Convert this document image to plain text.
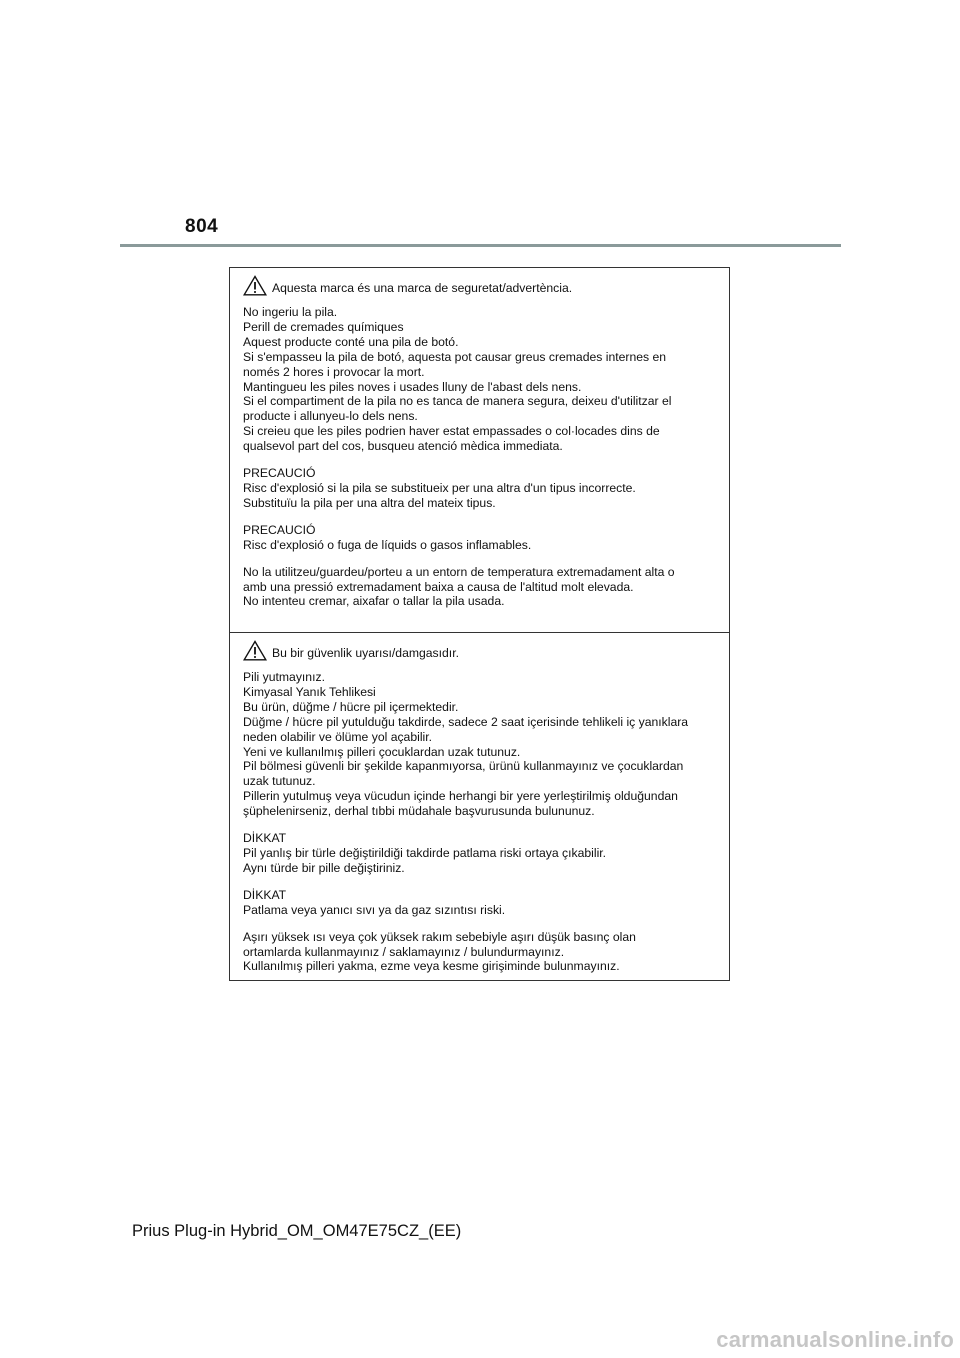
804
Aquesta marca és una marca de seguretat/advertència.
No ingeriu la pila.
Perill de cremades químiques
Aquest producte conté una pila de botó.
Si s'empasseu la pila de botó, aquesta pot causar greus cremades internes en
només 2 hores i provocar la mort.
Mantingueu les piles noves i usades lluny de l'abast dels nens.
Si el compartiment de la pila no es tanca de manera segura, deixeu d'utilitzar el
producte i allunyeu-lo dels nens.
Si creieu que les piles podrien haver estat empassades o col·locades dins de
qualsevol part del cos, busqueu atenció mèdica immediata.
PRECAUCIÓ
Risc d'explosió si la pila se substitueix per una altra d'un tipus incorrecte.
Substituïu la pila per una altra del mateix tipus.
PRECAUCIÓ
Risc d'explosió o fuga de líquids o gasos inflamables.
No la utilitzeu/guardeu/porteu a un entorn de temperatura extremadament alta o
amb una pressió extremadament baixa a causa de l'altitud molt elevada.
No intenteu cremar, aixafar o tallar la pila usada.
Bu bir güvenlik uyarısı/damgasıdır.
Pili yutmayınız.
Kimyasal Yanık Tehlikesi
Bu ürün, düğme / hücre pil içermektedir.
Düğme / hücre pil yutulduğu takdirde, sadece 2 saat içerisinde tehlikeli iç yanıklara
neden olabilir ve ölüme yol açabilir.
Yeni ve kullanılmış pilleri çocuklardan uzak tutunuz.
Pil bölmesi güvenli bir şekilde kapanmıyorsa, ürünü kullanmayınız ve çocuklardan
uzak tutunuz.
Pillerin yutulmuş veya vücudun içinde herhangi bir yere yerleştirilmiş olduğundan
şüphelenirseniz, derhal tıbbi müdahale başvurusunda bulununuz.
DİKKAT
Pil yanlış bir türle değiştirildiği takdirde patlama riski ortaya çıkabilir.
Aynı türde bir pille değiştiriniz.
DİKKAT
Patlama veya yanıcı sıvı ya da gaz sızıntısı riski.
Aşırı yüksek ısı veya çok yüksek rakım sebebiyle aşırı düşük basınç olan
ortamlarda kullanmayınız / saklamayınız / bulundurmayınız.
Kullanılmış pilleri yakma, ezme veya kesme girişiminde bulunmayınız.
Prius Plug-in Hybrid_OM_OM47E75CZ_(EE)
carmanualsonline.info
